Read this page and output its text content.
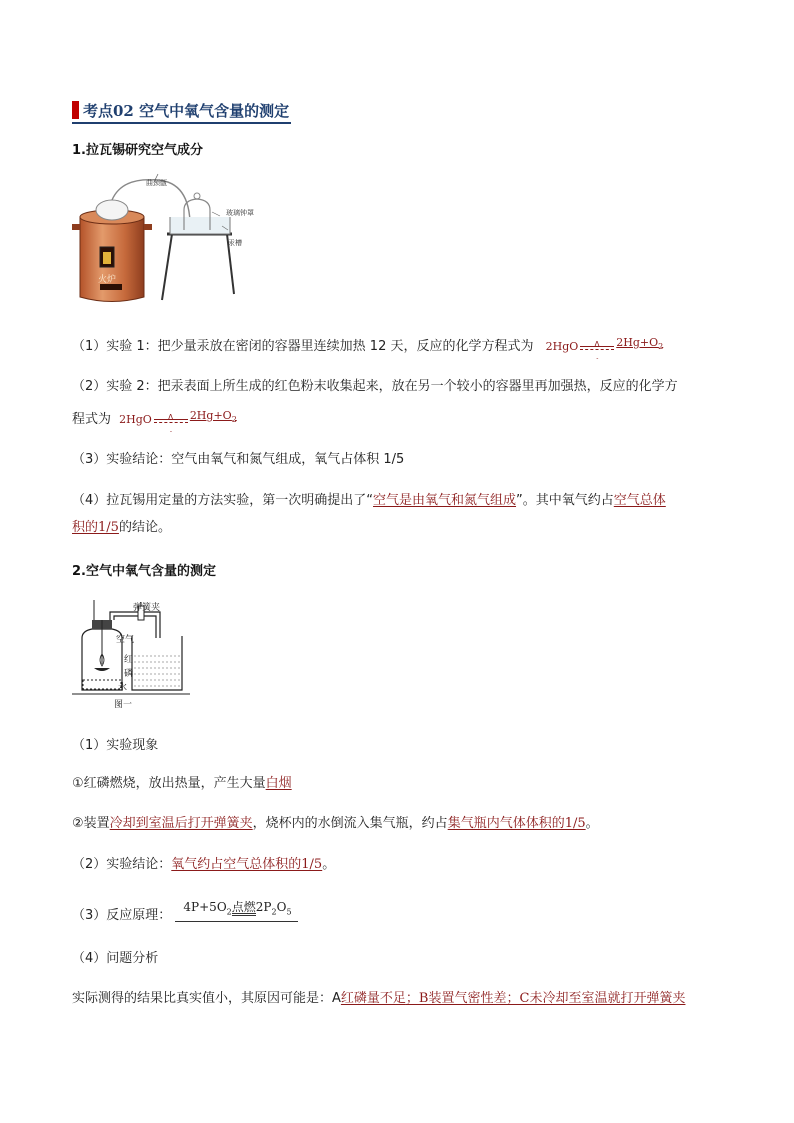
考点02 空气中氧气含量的测定
1.拉瓦锡研究空气成分
曲颈甑
玻璃钟罩
汞槽
火炉
（1）实验 1：把少量汞放在密闭的容器里连续加热 12 天，反应的化学方程式为 2HgO Δ
-
$2Hg+O_2$
（2）实验 2：把汞表面上所生成的红色粉末收集起来，放在另一个较小的容器里再加强热，反应的化学方
程式为 2HgO Δ
-
$2Hg+O_2$
（3）实验结论：空气由氧气和氮气组成，氧气占体积 1/5
（4）拉瓦锡用定量的方法实验，第一次明确提出了“空气是由氧气和氮气组成”。其中氧气约占空气总体
积的1/5的结论。
2.空气中氧气含量的测定
弹簧夹
空气
红
磷
水
图一
（1）实验现象
①红磷燃烧，放出热量，产生大量白烟
②装置冷却到室温后打开弹簧夹，烧杯内的水倒流入集气瓶，约占集气瓶内气体体积的1/5。
（2）实验结论：氧气约占空气总体积的1/5。
（3）反应原理： $4P+5O_2$点燃$2P_2O_5$
（4）问题分析
实际测得的结果比真实值小，其原因可能是：A红磷量不足；B装置气密性差；C未冷却至室温就打开弹簧夹
